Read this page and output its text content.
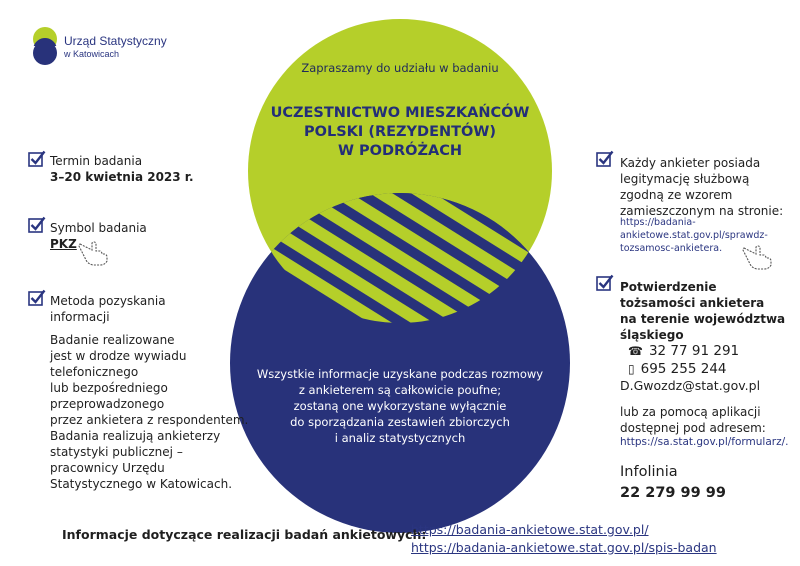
Urząd Statystyczny
w Katowicach
Zapraszamy do udziału w badaniu
UCZESTNICTWO MIESZKAŃCÓW
POLSKI (REZYDENTÓW)
W PODRÓŻACH
Wszystkie informacje uzyskane podczas rozmowy
z ankieterem są całkowicie poufne;
zostaną one wykorzystane wyłącznie
do sporządzania zestawień zbiorczych
i analiz statystycznych
Termin badania
3–20 kwietnia 2023 r.
Symbol badania
PKZ
Metoda pozyskania
informacji
Badanie realizowane
jest w drodze wywiadu
telefonicznego
lub bezpośredniego
przeprowadzonego
przez ankietera z respondentem.
Badania realizują ankieterzy
statystyki publicznej –
pracownicy Urzędu
Statystycznego w Katowicach.
Każdy ankieter posiada
legitymację służbową
zgodną ze wzorem
zamieszczonym na stronie:
https://badania-
ankietowe.stat.gov.pl/sprawdz-
tozsamosc-ankietera.
Potwierdzenie
tożsamości ankietera
na terenie województwa
śląskiego
☎ 32 77 91 291
▯ 695 255 244
D.Gwozdz@stat.gov.pl
lub za pomocą aplikacji
dostępnej pod adresem:
https://sa.stat.gov.pl/formularz/.
Infolinia
22 279 99 99
Informacje dotyczące realizacji badań ankietowych:
https://badania-ankietowe.stat.gov.pl/
https://badania-ankietowe.stat.gov.pl/spis-badan
